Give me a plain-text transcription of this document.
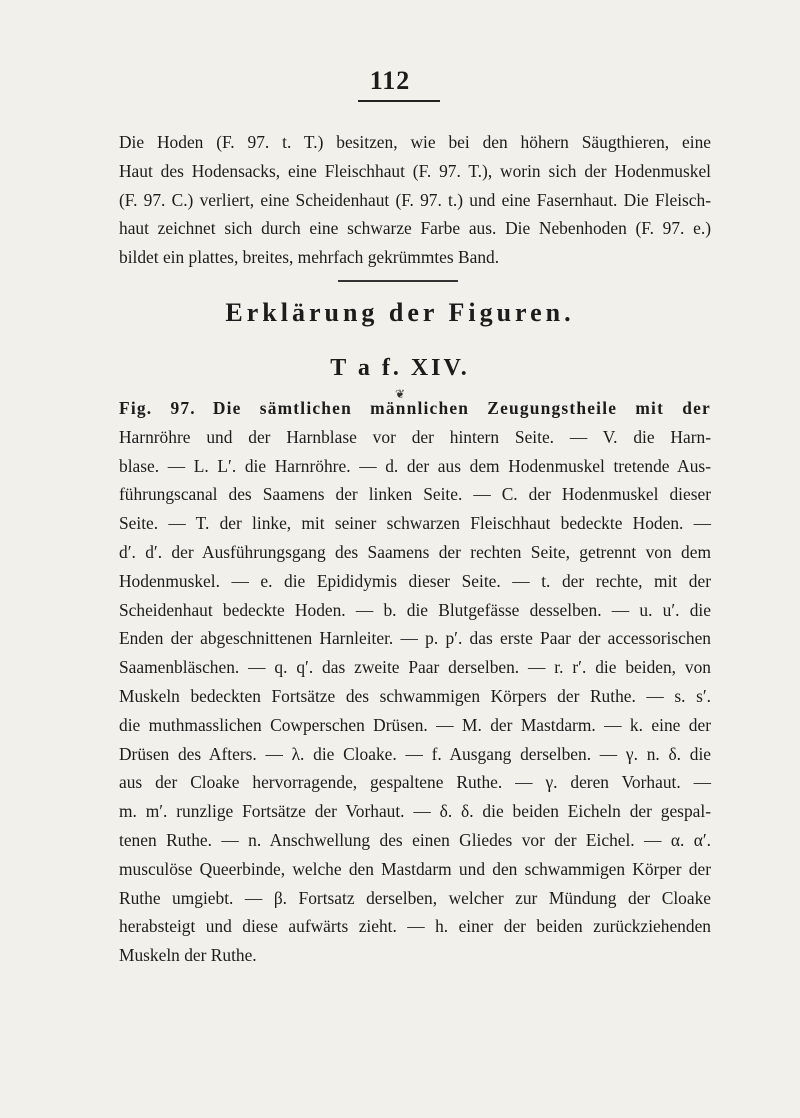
112
Die Hoden (F. 97. t. T.) besitzen, wie bei den höhern Säugthieren, eine
Haut des Hodensacks, eine Fleischhaut (F. 97. T.), worin sich der Hodenmuskel
(F. 97. C.) verliert, eine Scheidenhaut (F. 97. t.) und eine Fasernhaut. Die Fleisch-
haut zeichnet sich durch eine schwarze Farbe aus. Die Nebenhoden (F. 97. e.)
bildet ein plattes, breites, mehrfach gekrümmtes Band.
Erklärung der Figuren.
T a f. XIV.
❦
Fig. 97. Die sämtlichen männlichen Zeugungstheile mit der
Harnröhre und der Harnblase vor der hintern Seite. — V. die Harn-
blase. — L. L′. die Harnröhre. — d. der aus dem Hodenmuskel tretende Aus-
führungscanal des Saamens der linken Seite. — C. der Hodenmuskel dieser
Seite. — T. der linke, mit seiner schwarzen Fleischhaut bedeckte Hoden. —
d′. d′. der Ausführungsgang des Saamens der rechten Seite, getrennt von dem
Hodenmuskel. — e. die Epididymis dieser Seite. — t. der rechte, mit der
Scheidenhaut bedeckte Hoden. — b. die Blutgefässe desselben. — u. u′. die
Enden der abgeschnittenen Harnleiter. — p. p′. das erste Paar der accessorischen
Saamenbläschen. — q. q′. das zweite Paar derselben. — r. r′. die beiden, von
Muskeln bedeckten Fortsätze des schwammigen Körpers der Ruthe. — s. s′.
die muthmasslichen Cowperschen Drüsen. — M. der Mastdarm. — k. eine der
Drüsen des Afters. — λ. die Cloake. — f. Ausgang derselben. — γ. n. δ. die
aus der Cloake hervorragende, gespaltene Ruthe. — γ. deren Vorhaut. —
m. m′. runzlige Fortsätze der Vorhaut. — δ. δ. die beiden Eicheln der gespal-
tenen Ruthe. — n. Anschwellung des einen Gliedes vor der Eichel. — α. α′.
musculöse Queerbinde, welche den Mastdarm und den schwammigen Körper der
Ruthe umgiebt. — β. Fortsatz derselben, welcher zur Mündung der Cloake
herabsteigt und diese aufwärts zieht. — h. einer der beiden zurückziehenden
Muskeln der Ruthe.
